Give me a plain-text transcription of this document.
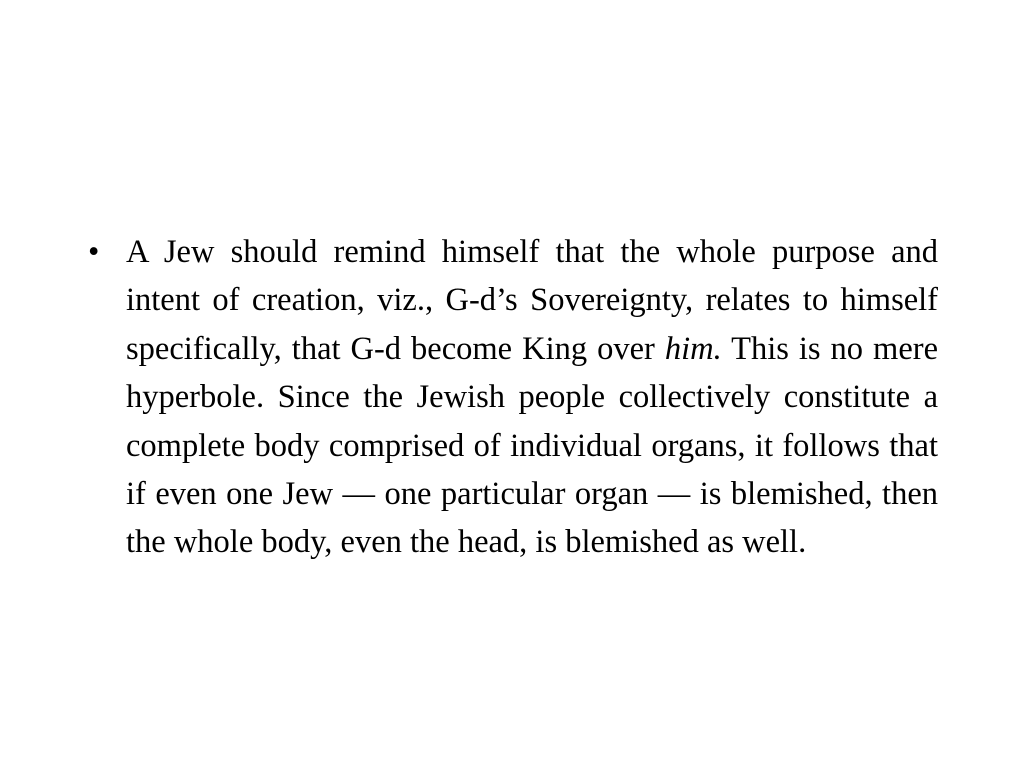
• A Jew should remind himself that the whole purpose and intent of creation, viz., G-d’s Sovereignty, relates to himself specifically, that G-d become King over him. This is no mere hyperbole. Since the Jewish people collectively constitute a complete body comprised of individual organs, it follows that if even one Jew — one particular organ — is blemished, then the whole body, even the head, is blemished as well.
